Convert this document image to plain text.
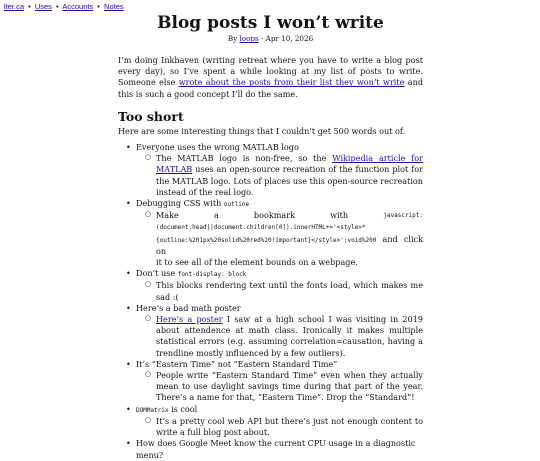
lter.ca • Uses • Accounts • Notes
Blog posts I won’t write
By loops · Apr 10, 2026

I’m doing Inkhaven (writing retreat where you have to write a blog post every day), so I’ve spent a while looking at my list of posts to write. Someone else wrote about the posts from their list they won’t write and this is such a good concept I’ll do the same.

Too short

Here are some interesting things that I couldn’t get 500 words out of.

• Everyone uses the wrong MATLAB logo
○ The MATLAB logo is non-free, so the Wikipedia article for MATLAB uses an open-source recreation of the function plot for the MATLAB logo. Lots of places use this open-source recreation instead of the real logo.
• Debugging CSS with outline
○ Make	a	bookmark	with	javascript:
(document.head||document.children[0]).innerHTML+='<style>*
{outline:%201px%20solid%20red%20!important}</style>';void%200 and click on
it to see all of the element bounds on a webpage.
• Don’t use font-display: block
○ This blocks rendering text until the fonts load, which makes me sad :(
• Here’s a bad math poster
○ Here’s a poster I saw at a high school I was visiting in 2019 about attendence at math class. Ironically it makes multiple statistical errors (e.g. assuming correlation=causation, having a trendline mostly influenced by a few outliers).
• It’s “Eastern Time” not “Eastern Standard Time”
○ People write “Eastern Standard Time” even when they actually mean to use daylight savings time during that part of the year. There’s a name for that, “Eastern Time”. Drop the “Standard”!
• DOMMatrix is cool
○ It’s a pretty cool web API but there’s just not enough content to write a full blog post about.
• How does Google Meet know the current CPU usage in a diagnostic menu?
